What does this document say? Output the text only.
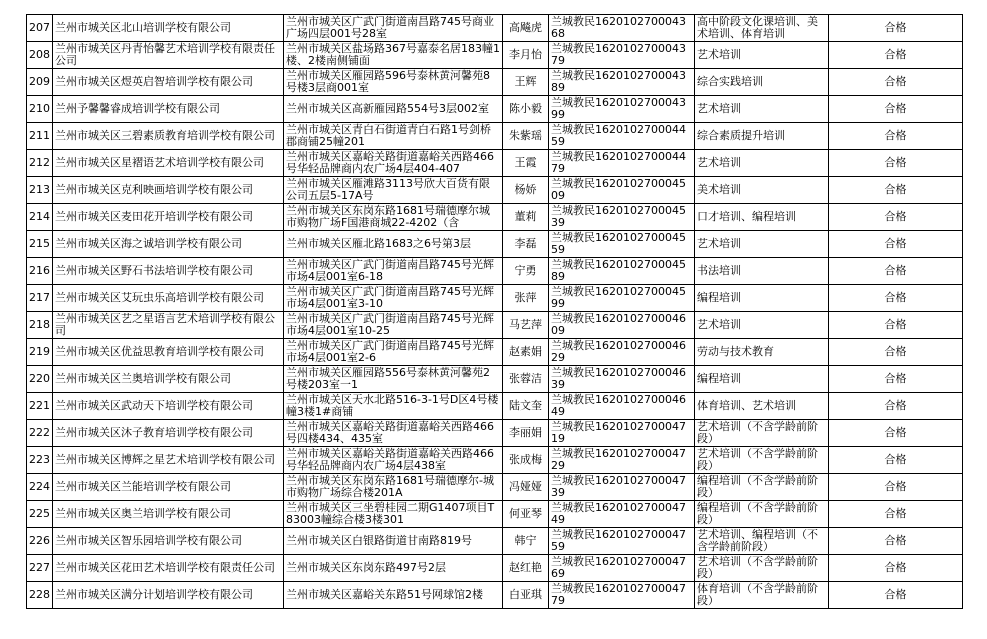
207	兰州市城关区北山培训学校有限公司	兰州市城关区广武门街道南昌路745号商业广场四层001号28室	高飚虎	兰城教民162010270004368	高中阶段文化课培训、美术培训、体育培训	合格
208	兰州市城关区丹青怡馨艺术培训学校有限责任公司	兰州市城关区盐场路367号嘉泰名居183幢1楼、2楼南侧铺面	李月怡	兰城教民162010270004379	艺术培训	合格
209	兰州市城关区煜英启智培训学校有限公司	兰州市城关区雁园路596号泰林黄河馨苑8号楼3层商001室	王辉	兰城教民162010270004389	综合实践培训	合格
210	兰州予馨馨睿成培训学校有限公司	兰州市城关区高新雁园路554号3层002室	陈小毅	兰城教民162010270004399	艺术培训	合格
211	兰州市城关区三碧素质教育培训学校有限公司	兰州市城关区青白石街道青白石路1号剑桥郡商铺25幢201	朱紫瑶	兰城教民162010270004459	综合素质提升培训	合格
212	兰州市城关区星褶语艺术培训学校有限公司	兰州市城关区嘉峪关路街道嘉峪关西路466号华轻品牌商内农广场4层404-407	王霞	兰城教民162010270004479	艺术培训	合格
213	兰州市城关区克利映画培训学校有限公司	兰州市城关区雁滩路3113号欣大百货有限公司五层5-17A号	杨娇	兰城教民162010270004509	美术培训	合格
214	兰州市城关区麦田花开培训学校有限公司	兰州市城关区东岗东路1681号瑞德摩尔城市购物广场F国港商城22-4202（含	董莉	兰城教民162010270004539	口才培训、编程培训	合格
215	兰州市城关区海之诚培训学校有限公司	兰州市城关区雁北路1683之6号第3层	李磊	兰城教民162010270004559	艺术培训	合格
216	兰州市城关区野石书法培训学校有限公司	兰州市城关区广武门街道南昌路745号光辉市场4层001室6-18	宁勇	兰城教民162010270004589	书法培训	合格
217	兰州市城关区艾玩虫乐高培训学校有限公司	兰州市城关区广武门街道南昌路745号光辉市场4层001室3-10	张萍	兰城教民162010270004599	编程培训	合格
218	兰州市城关区艺之星语言艺术培训学校有限公司	兰州市城关区广武门街道南昌路745号光辉市场4层001室10-25	马艺萍	兰城教民162010270004609	艺术培训	合格
219	兰州市城关区优益思教育培训学校有限公司	兰州市城关区广武门街道南昌路745号光辉市场4层001室2-6	赵素娟	兰城教民162010270004629	劳动与技术教育	合格
220	兰州市城关区兰奥培训学校有限公司	兰州市城关区雁园路556号泰林黄河馨苑2号楼203室一1	张蓉洁	兰城教民162010270004639	编程培训	合格
221	兰州市城关区武动天下培训学校有限公司	兰州市城关区天水北路516-3-1号D区4号楼幢3楼1#商铺	陆文奎	兰城教民162010270004649	体育培训、艺术培训	合格
222	兰州市城关区沐子教育培训学校有限公司	兰州市城关区嘉峪关路街道嘉峪关西路466号四楼434、435室	李丽娟	兰城教民162010270004719	艺术培训（不含学龄前阶段）	合格
223	兰州市城关区博辉之星艺术培训学校有限公司	兰州市城关区嘉峪关路街道嘉峪关西路466号华轻品牌商内农广场4层438室	张成梅	兰城教民162010270004729	艺术培训（不含学龄前阶段）	合格
224	兰州市城关区兰能培训学校有限公司	兰州市城关区东岗东路1681号瑞德摩尔-城市购物广场综合楼201A	冯娅娅	兰城教民162010270004739	编程培训（不含学龄前阶段）	合格
225	兰州市城关区奥兰培训学校有限公司	兰州市城关区三坐碧桂园二期G1407项目T83003幢综合楼3楼301	何亚琴	兰城教民162010270004749	编程培训（不含学龄前阶段）	合格
226	兰州市城关区智乐园培训学校有限公司	兰州市城关区白银路街道甘南路819号	韩宁	兰城教民162010270004759	艺术培训、编程培训（不含学龄前阶段）	合格
227	兰州市城关区花田艺术培训学校有限责任公司	兰州市城关区东岗东路497号2层	赵红艳	兰城教民162010270004769	艺术培训（不含学龄前阶段）	合格
228	兰州市城关区满分计划培训学校有限公司	兰州市城关区嘉峪关东路51号网球馆2楼	白亚琪	兰城教民162010270004779	体育培训（不含学龄前阶段）	合格
